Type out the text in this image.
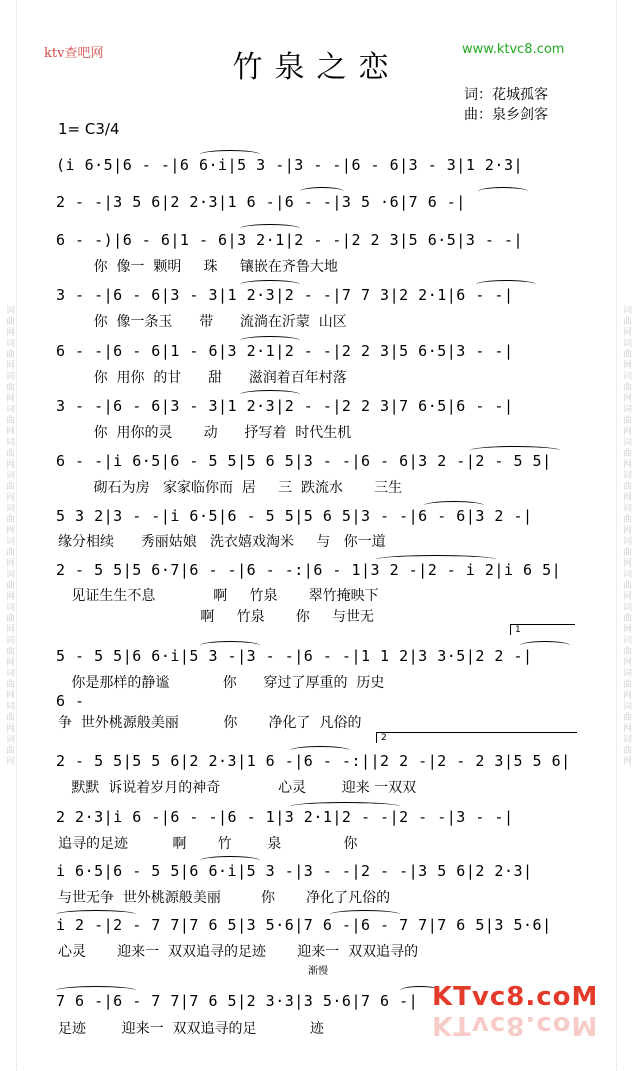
词曲网词曲网词曲网词曲网词曲网词曲网词曲网词曲网词曲网词曲网词曲网词曲网词曲网词曲网	词曲网词曲网词曲网词曲网词曲网词曲网词曲网词曲网词曲网词曲网词曲网词曲网词曲网词曲网
ktv查吧网	www.ktvc8.com
竹泉之恋
词：花城孤客
曲：泉乡剑客
1= C3/4
(i 6·5|6 - -|6 6·i|5 3 -|3 - -|6 - 6|3 - 3|1 2·3|
2 - -|3 5 6|2 2·3|1 6 -|6 - -|3 5 ·6|7 6 -|
6 - -)|6 - 6|1 - 6|3 2·1|2 - -|2 2 3|5 6·5|3 - -|
你  像一  颗明     珠     镶嵌在齐鲁大地
3 - -|6 - 6|3 - 3|1 2·3|2 - -|7 7 3|2 2·1|6 - -|
你  像一条玉      带      流淌在沂蒙  山区
6 - -|6 - 6|1 - 6|3 2·1|2 - -|2 2 3|5 6·5|3 - -|
你  用你  的甘      甜      滋润着百年村落
3 - -|6 - 6|3 - 3|1 2·3|2 - -|2 2 3|7 6·5|6 - -|
你  用你的灵       动      抒写着  时代生机
6 - -|i 6·5|6 - 5 5|5 6 5|3 - -|6 - 6|3 2 -|2 - 5 5|
砌石为房   家家临你而  居     三  跌流水       三生
5 3 2|3 - -|i 6·5|6 - 5 5|5 6 5|3 - -|6 - 6|3 2 -|
缘分相续      秀丽姑娘   洗衣嬉戏淘米     与   你一道
2 - 5 5|5 6·7|6 - -|6 - -:|6 - 1|3 2 -|2 - i 2|i 6 5|
见证生生不息             啊     竹泉       翠竹掩映下
啊     竹泉       你     与世无
1
5 - 5 5|6 6·i|5 3 -|3 - -|6 - -|1 1 2|3 3·5|2 2 -|
你是那样的静谧            你      穿过了厚重的  历史
6 -
争  世外桃源般美丽          你       净化了  凡俗的
2
2 - 5 5|5 5 6|2 2·3|1 6 -|6 - -:||2 2 -|2 - 2 3|5 5 6|
默默  诉说着岁月的神奇             心灵        迎来 一双双
2 2·3|i 6 -|6 - -|6 - 1|3 2·1|2 - -|2 - -|3 - -|
追寻的足迹          啊       竹        泉              你
i 6·5|6 - 5 5|6 6·i|5 3 -|3 - -|2 - -|3 5 6|2 2·3|
与世无争  世外桃源般美丽         你       净化了凡俗的
i 2 -|2 - 7 7|7 6 5|3 5·6|7 6 -|6 - 7 7|7 6 5|3 5·6|
心灵       迎来一  双双追寻的足迹       迎来一  双双追寻的
渐慢
7 6 -|6 - 7 7|7 6 5|2 3·3|3 5·6|7 6 -|
足迹        迎来一  双双追寻的足            迹
KTvc8.coM
KTvc8.coM
